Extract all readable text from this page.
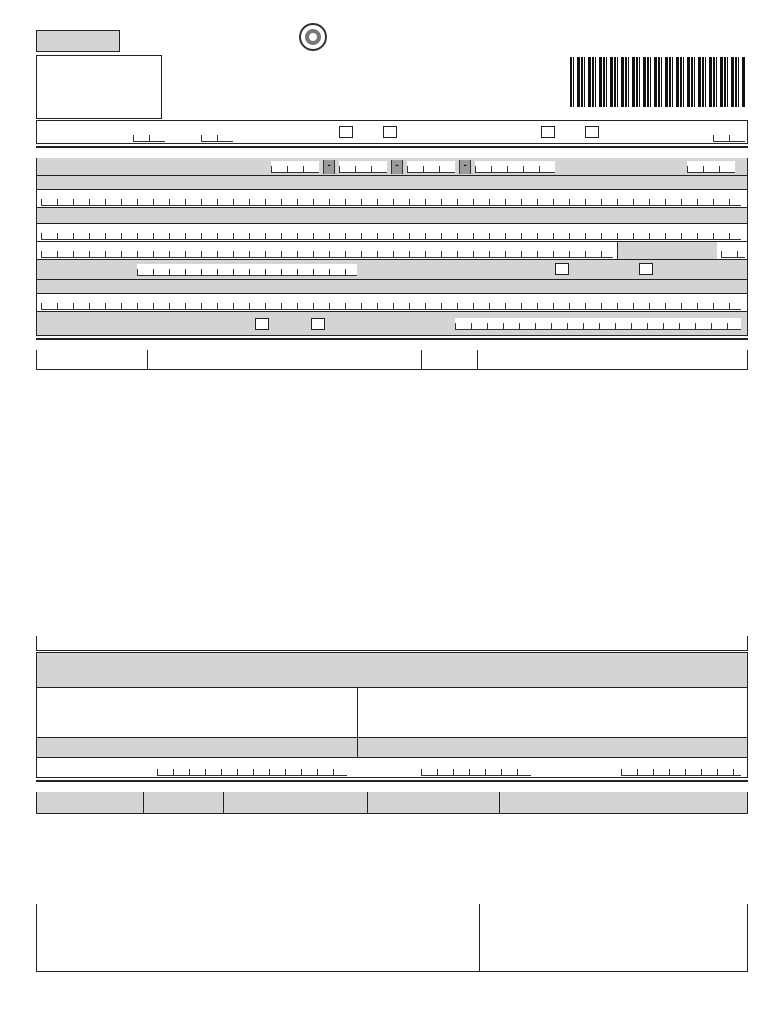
-	-	-
